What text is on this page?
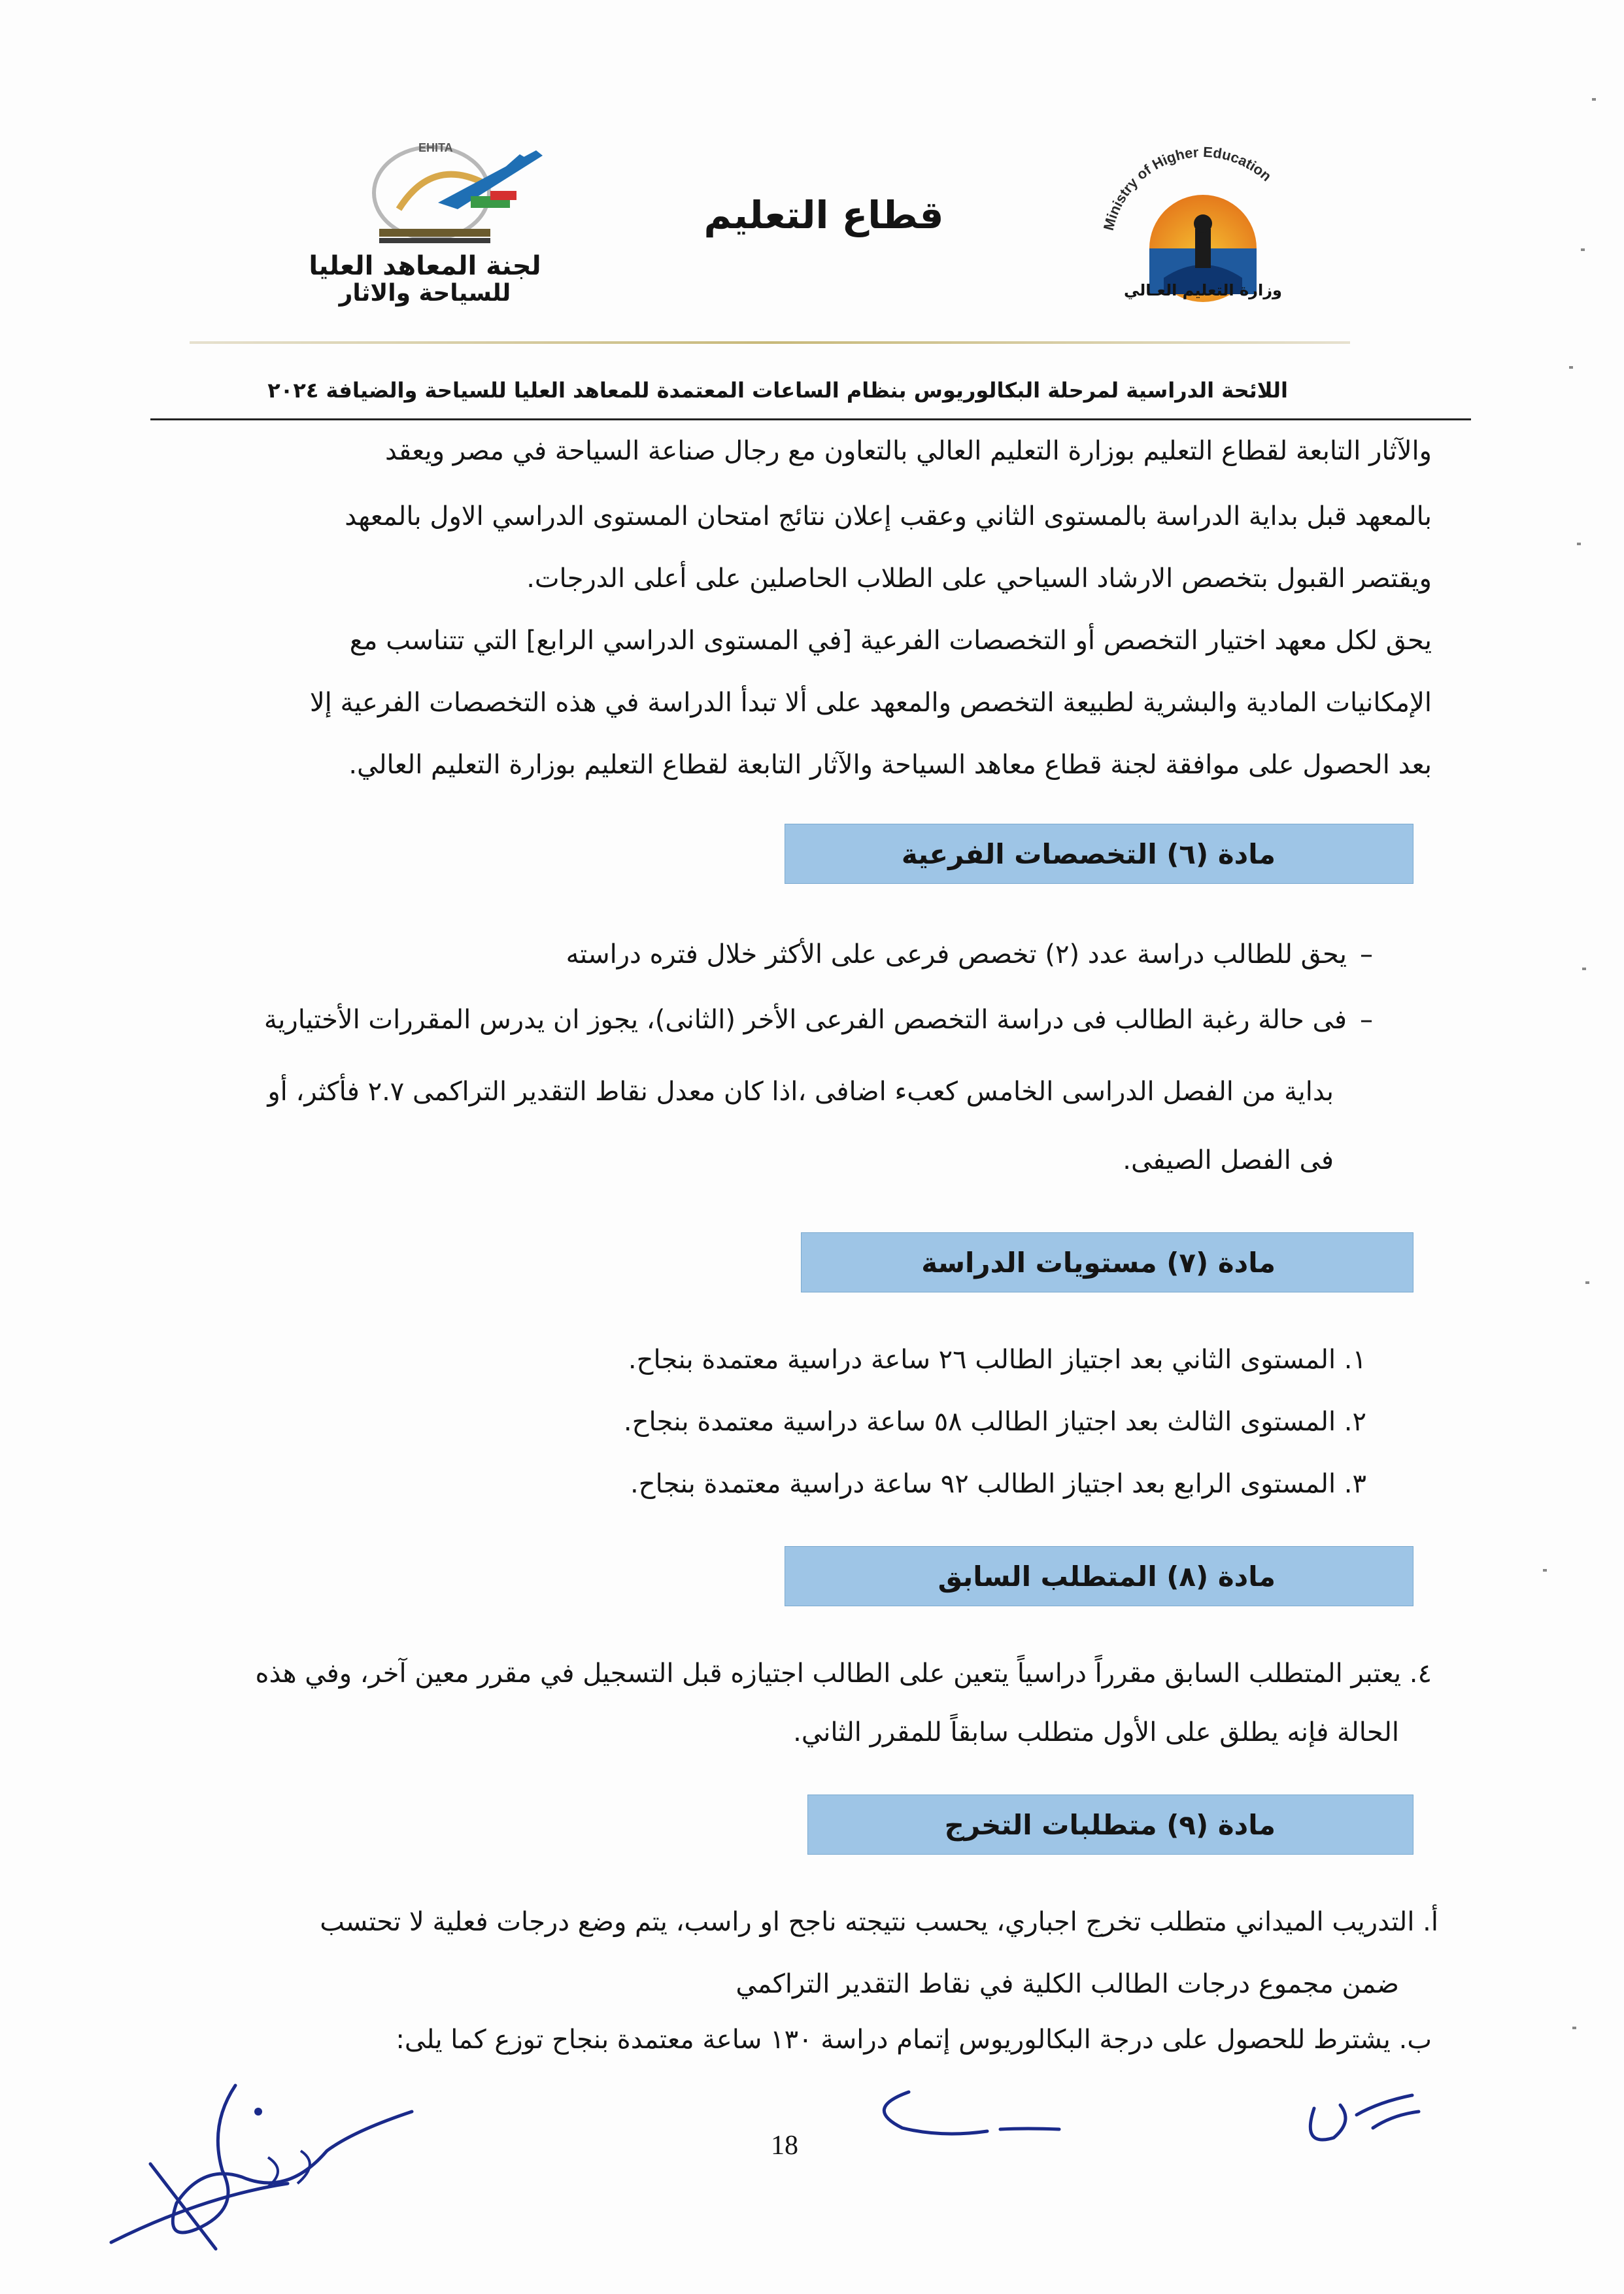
Ministry of Higher Education
وزارة التعليم العـالي
قطاع التعليم
EHITA
لجنة المعاهد العليا
للسياحة والاثار
اللائحة الدراسية لمرحلة البكالوريوس بنظام الساعات المعتمدة للمعاهد العليا للسياحة والضيافة ٢٠٢٤
والآثار التابعة لقطاع التعليم بوزارة التعليم العالي بالتعاون مع رجال صناعة السياحة في مصر ويعقد
بالمعهد قبل بداية الدراسة بالمستوى الثاني وعقب إعلان نتائج امتحان المستوى الدراسي الاول بالمعهد
ويقتصر القبول بتخصص الارشاد السياحي على الطلاب الحاصلين على أعلى الدرجات.
يحق لكل معهد اختيار التخصص أو التخصصات الفرعية [في المستوى الدراسي الرابع] التي تتناسب مع
الإمكانيات المادية والبشرية لطبيعة التخصص والمعهد على ألا تبدأ الدراسة في هذه التخصصات الفرعية إلا
بعد الحصول على موافقة لجنة قطاع معاهد السياحة والآثار التابعة لقطاع التعليم بوزارة التعليم العالي.
مادة (٦) التخصصات الفرعية
–يحق للطالب دراسة عدد (٢) تخصص فرعى على الأكثر خلال فتره دراسته
–فى حالة رغبة الطالب فى دراسة التخصص الفرعى الأخر (الثانى)، يجوز ان يدرس المقررات الأختيارية
بداية من الفصل الدراسى الخامس كعبء اضافى ،اذا كان معدل نقاط التقدير التراكمى ٢.٧ فأكثر، أو
فى الفصل الصيفى.
مادة (٧) مستويات الدراسة
١. المستوى الثاني بعد اجتياز الطالب ٢٦ ساعة دراسية معتمدة بنجاح.
٢. المستوى الثالث بعد اجتياز الطالب ٥٨ ساعة دراسية معتمدة بنجاح.
٣. المستوى الرابع بعد اجتياز الطالب ٩٢ ساعة دراسية معتمدة بنجاح.
مادة (٨) المتطلب السابق
٤. يعتبر المتطلب السابق مقرراً دراسياً يتعين على الطالب اجتيازه قبل التسجيل في مقرر معين آخر، وفي هذه
الحالة فإنه يطلق على الأول متطلب سابقاً للمقرر الثاني.
مادة (٩) متطلبات التخرج
أ. التدريب الميداني متطلب تخرج اجباري، يحسب نتيجته ناجح او راسب، يتم وضع درجات فعلية لا تحتسب
ضمن مجموع درجات الطالب الكلية في نقاط التقدير التراكمي
ب. يشترط للحصول على درجة البكالوريوس إتمام دراسة ١٣٠ ساعة معتمدة بنجاح توزع كما يلى:
18
